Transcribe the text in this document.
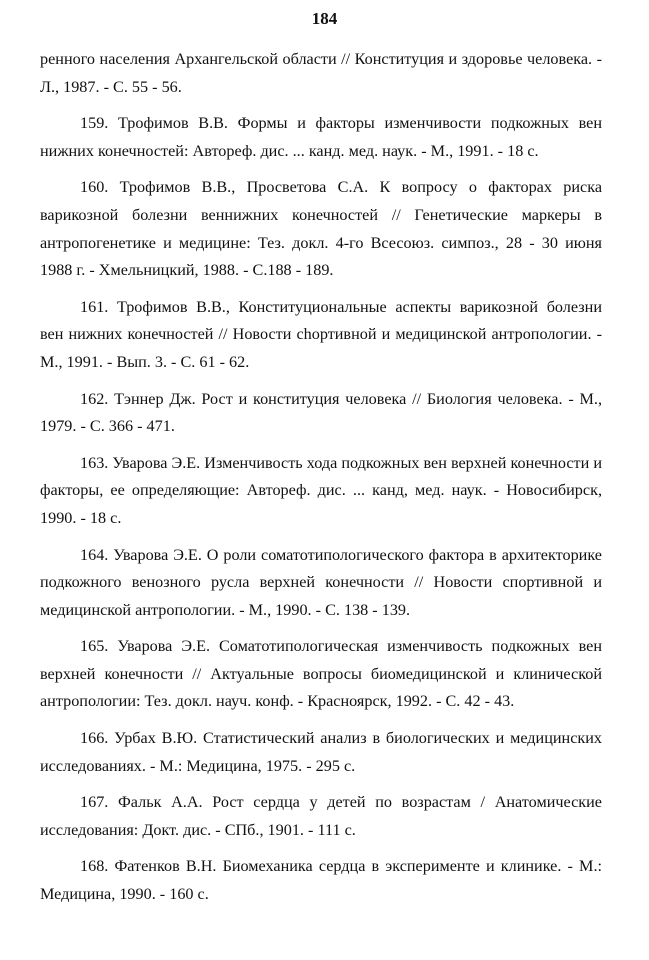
184

ренного населения Архангельской области // Конституция и здоровье человека. - Л., 1987. - С. 55 - 56.

159. Трофимов В.В. Формы и факторы изменчивости подкожных вен нижних конечностей: Автореф. дис. ... канд. мед. наук. - М., 1991. - 18 с.

160. Трофимов В.В., Просветова С.А. К вопросу о факторах риска варикозной болезни веннижних конечностей // Генетические маркеры в антропогенетике и медицине: Тез. докл. 4-го Всесоюз. симпоз., 28 - 30 июня 1988 г. - Хмельницкий, 1988. - С.188 - 189.

161. Трофимов В.В., Конституциональные аспекты варикозной болезни вен нижних конечностей // Новости сһортивной и медицинской антропологии. - М., 1991. - Вып. 3. - С. 61 - 62.

162. Тэннер Дж. Рост и конституция человека // Биология человека. - М., 1979. - С. 366 - 471.

163. Уварова Э.Е. Изменчивость хода подкожных вен верхней конечности и факторы, ее определяющие: Автореф. дис. ... канд, мед. наук. - Новосибирск, 1990. - 18 с.

164. Уварова Э.Е. О роли соматотипологического фактора в архитекторике подкожного венозного русла верхней конечности // Новости спортивной и медицинской антропологии. - М., 1990. - С. 138 - 139.

165. Уварова Э.Е. Соматотипологическая изменчивость подкожных вен верхней конечности // Актуальные вопросы биомедицинской и клинической антропологии: Тез. докл. науч. конф. - Красноярск, 1992. - С. 42 - 43.

166. Урбах В.Ю. Статистический анализ в биологических и медицинских исследованиях. - М.: Медицина, 1975. - 295 с.

167. Фальк А.А. Рост сердца у детей по возрастам / Анатомические исследования: Докт. дис. - СПб., 1901. - 111 с.

168. Фатенков В.Н. Биомеханика сердца в эксперименте и клинике. - М.: Медицина, 1990. - 160 с.
